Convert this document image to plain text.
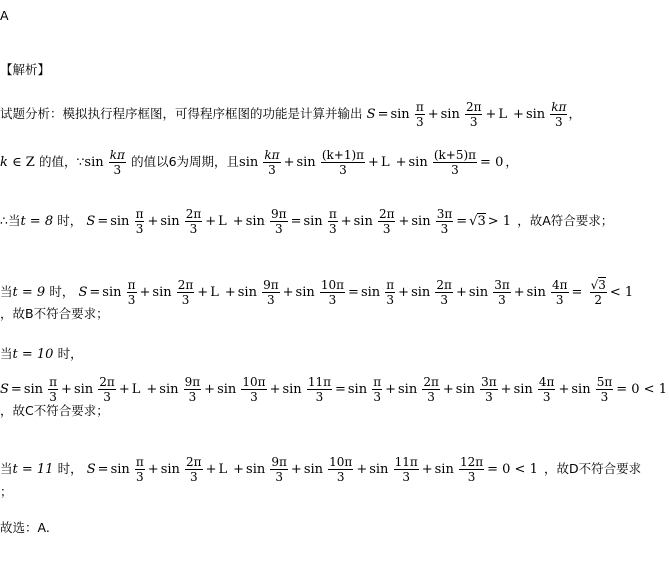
A
【解析】
试题分析：模拟执行程序框图，可得程序框图的功能是计算并输出 $S = \sin \frac{\pi}{3} + \sin \frac{2\pi}{3} + L + \sin \frac{k\pi}{3}$ ，
k ∈ Z 的值，∵sin $\frac{k\pi}{3}$ 的值以6为周期，且$\sin \frac{k\pi}{3} + \sin \frac{(k+1)\pi}{3} + L + \sin \frac{(k+5)\pi}{3} = 0$ ，
∴当t = 8 时， $S = \sin \frac{\pi}{3} + \sin \frac{2\pi}{3} + L + \sin \frac{9\pi}{3} = \sin \frac{\pi}{3} + \sin \frac{2\pi}{3} + \sin \frac{3\pi}{3} = √3 > 1$ ，故A符合要求；
当t = 9 时， $S = \sin \frac{\pi}{3} + \sin \frac{2\pi}{3} + L + \sin \frac{9\pi}{3} + \sin \frac{10\pi}{3} = \sin \frac{\pi}{3} + \sin \frac{2\pi}{3} + \sin \frac{3\pi}{3} + \sin \frac{4\pi}{3} = \frac{√3}{2} < 1$
，故B不符合要求；
当t = 10 时，
$S = \sin \frac{\pi}{3} + \sin \frac{2\pi}{3} + L + \sin \frac{9\pi}{3} + \sin \frac{10\pi}{3} + \sin \frac{11\pi}{3} = \sin \frac{\pi}{3} + \sin \frac{2\pi}{3} + \sin \frac{3\pi}{3} + \sin \frac{4\pi}{3} + \sin \frac{5\pi}{3} = 0 < 1$
，故C不符合要求；
当t = 11 时， $S = \sin \frac{\pi}{3} + \sin \frac{2\pi}{3} + L + \sin \frac{9\pi}{3} + \sin \frac{10\pi}{3} + \sin \frac{11\pi}{3} + \sin \frac{12\pi}{3} = 0 < 1$ ，故D不符合要求
；
故选：A.
